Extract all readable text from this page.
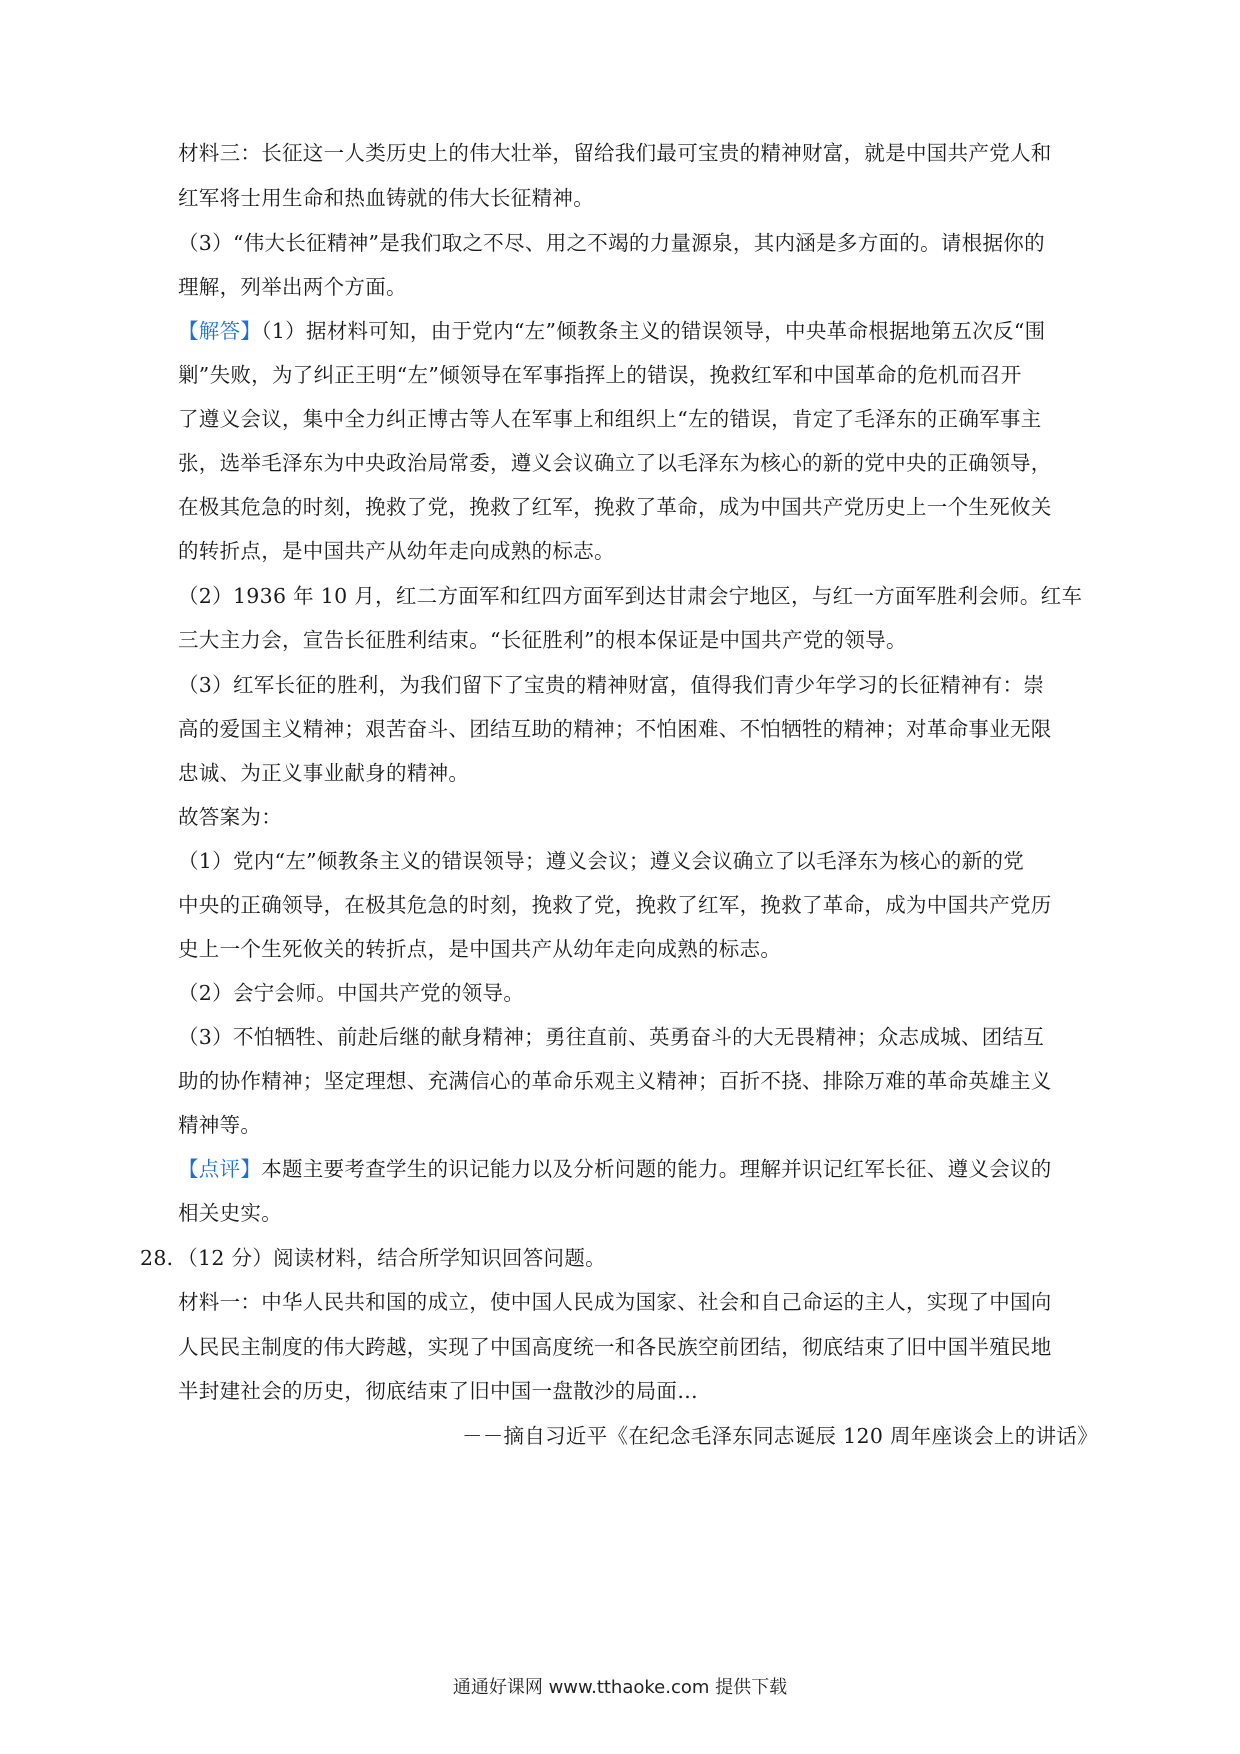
材料三：长征这一人类历史上的伟大壮举，留给我们最可宝贵的精神财富，就是中国共产党人和
红军将士用生命和热血铸就的伟大长征精神。
（3）“伟大长征精神”是我们取之不尽、用之不竭的力量源泉，其内涵是多方面的。请根据你的
理解，列举出两个方面。
【解答】（1）据材料可知，由于党内“左”倾教条主义的错误领导，中央革命根据地第五次反“围
剿”失败，为了纠正王明“左”倾领导在军事指挥上的错误，挽救红军和中国革命的危机而召开
了遵义会议，集中全力纠正博古等人在军事上和组织上“左的错误，肯定了毛泽东的正确军事主
张，选举毛泽东为中央政治局常委，遵义会议确立了以毛泽东为核心的新的党中央的正确领导，
在极其危急的时刻，挽救了党，挽救了红军，挽救了革命，成为中国共产党历史上一个生死攸关
的转折点，是中国共产从幼年走向成熟的标志。
（2）1936 年 10 月，红二方面军和红四方面军到达甘肃会宁地区，与红一方面军胜利会师。红车
三大主力会，宣告长征胜利结束。“长征胜利”的根本保证是中国共产党的领导。
（3）红军长征的胜利，为我们留下了宝贵的精神财富，值得我们青少年学习的长征精神有：崇
高的爱国主义精神；艰苦奋斗、团结互助的精神；不怕困难、不怕牺牲的精神；对革命事业无限
忠诚、为正义事业献身的精神。
故答案为：
（1）党内“左”倾教条主义的错误领导；遵义会议；遵义会议确立了以毛泽东为核心的新的党
中央的正确领导，在极其危急的时刻，挽救了党，挽救了红军，挽救了革命，成为中国共产党历
史上一个生死攸关的转折点，是中国共产从幼年走向成熟的标志。
（2）会宁会师。中国共产党的领导。
（3）不怕牺牲、前赴后继的献身精神；勇往直前、英勇奋斗的大无畏精神；众志成城、团结互
助的协作精神；坚定理想、充满信心的革命乐观主义精神；百折不挠、排除万难的革命英雄主义
精神等。
【点评】本题主要考查学生的识记能力以及分析问题的能力。理解并识记红军长征、遵义会议的
相关史实。
28．（12 分）阅读材料，结合所学知识回答问题。
材料一：中华人民共和国的成立，使中国人民成为国家、社会和自己命运的主人，实现了中国向
人民民主制度的伟大跨越，实现了中国高度统一和各民族空前团结，彻底结束了旧中国半殖民地
半封建社会的历史，彻底结束了旧中国一盘散沙的局面…
－－摘自习近平《在纪念毛泽东同志诞辰 120 周年座谈会上的讲话》
通通好课网 www.tthaoke.com 提供下载
